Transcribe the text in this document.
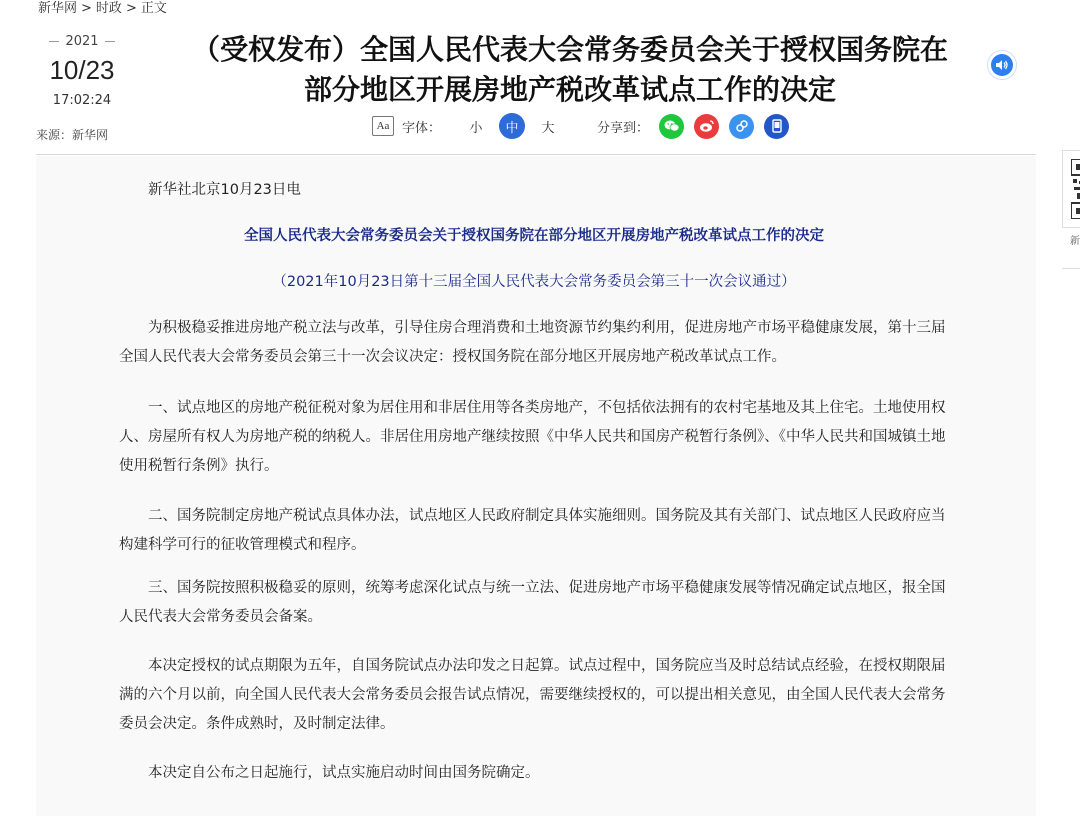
新华网 > 时政 > 正文
2021
10/23
17:02:24
来源： 新华网
（受权发布）全国人民代表大会常务委员会关于授权国务院在
部分地区开展房地产税改革试点工作的决定
Aa 字体：	小	中	大	分享到：

新华社北京10月23日电

全国人民代表大会常务委员会关于授权国务院在部分地区开展房地产税改革试点工作的决定

（2021年10月23日第十三届全国人民代表大会常务委员会第三十一次会议通过）

为积极稳妥推进房地产税立法与改革，引导住房合理消费和土地资源节约集约利用，促进房地产市场平稳健康发展，第十三届全国人民代表大会常务委员会第三十一次会议决定：授权国务院在部分地区开展房地产税改革试点工作。

一、试点地区的房地产税征税对象为居住用和非居住用等各类房地产，不包括依法拥有的农村宅基地及其上住宅。土地使用权人、房屋所有权人为房地产税的纳税人。非居住用房地产继续按照《中华人民共和国房产税暂行条例》、《中华人民共和国城镇土地使用税暂行条例》执行。

二、国务院制定房地产税试点具体办法，试点地区人民政府制定具体实施细则。国务院及其有关部门、试点地区人民政府应当构建科学可行的征收管理模式和程序。

三、国务院按照积极稳妥的原则，统筹考虑深化试点与统一立法、促进房地产市场平稳健康发展等情况确定试点地区，报全国人民代表大会常务委员会备案。

本决定授权的试点期限为五年，自国务院试点办法印发之日起算。试点过程中，国务院应当及时总结试点经验，在授权期限届满的六个月以前，向全国人民代表大会常务委员会报告试点情况，需要继续授权的，可以提出相关意见，由全国人民代表大会常务委员会决定。条件成熟时，及时制定法律。

本决定自公布之日起施行，试点实施启动时间由国务院确定。

新
